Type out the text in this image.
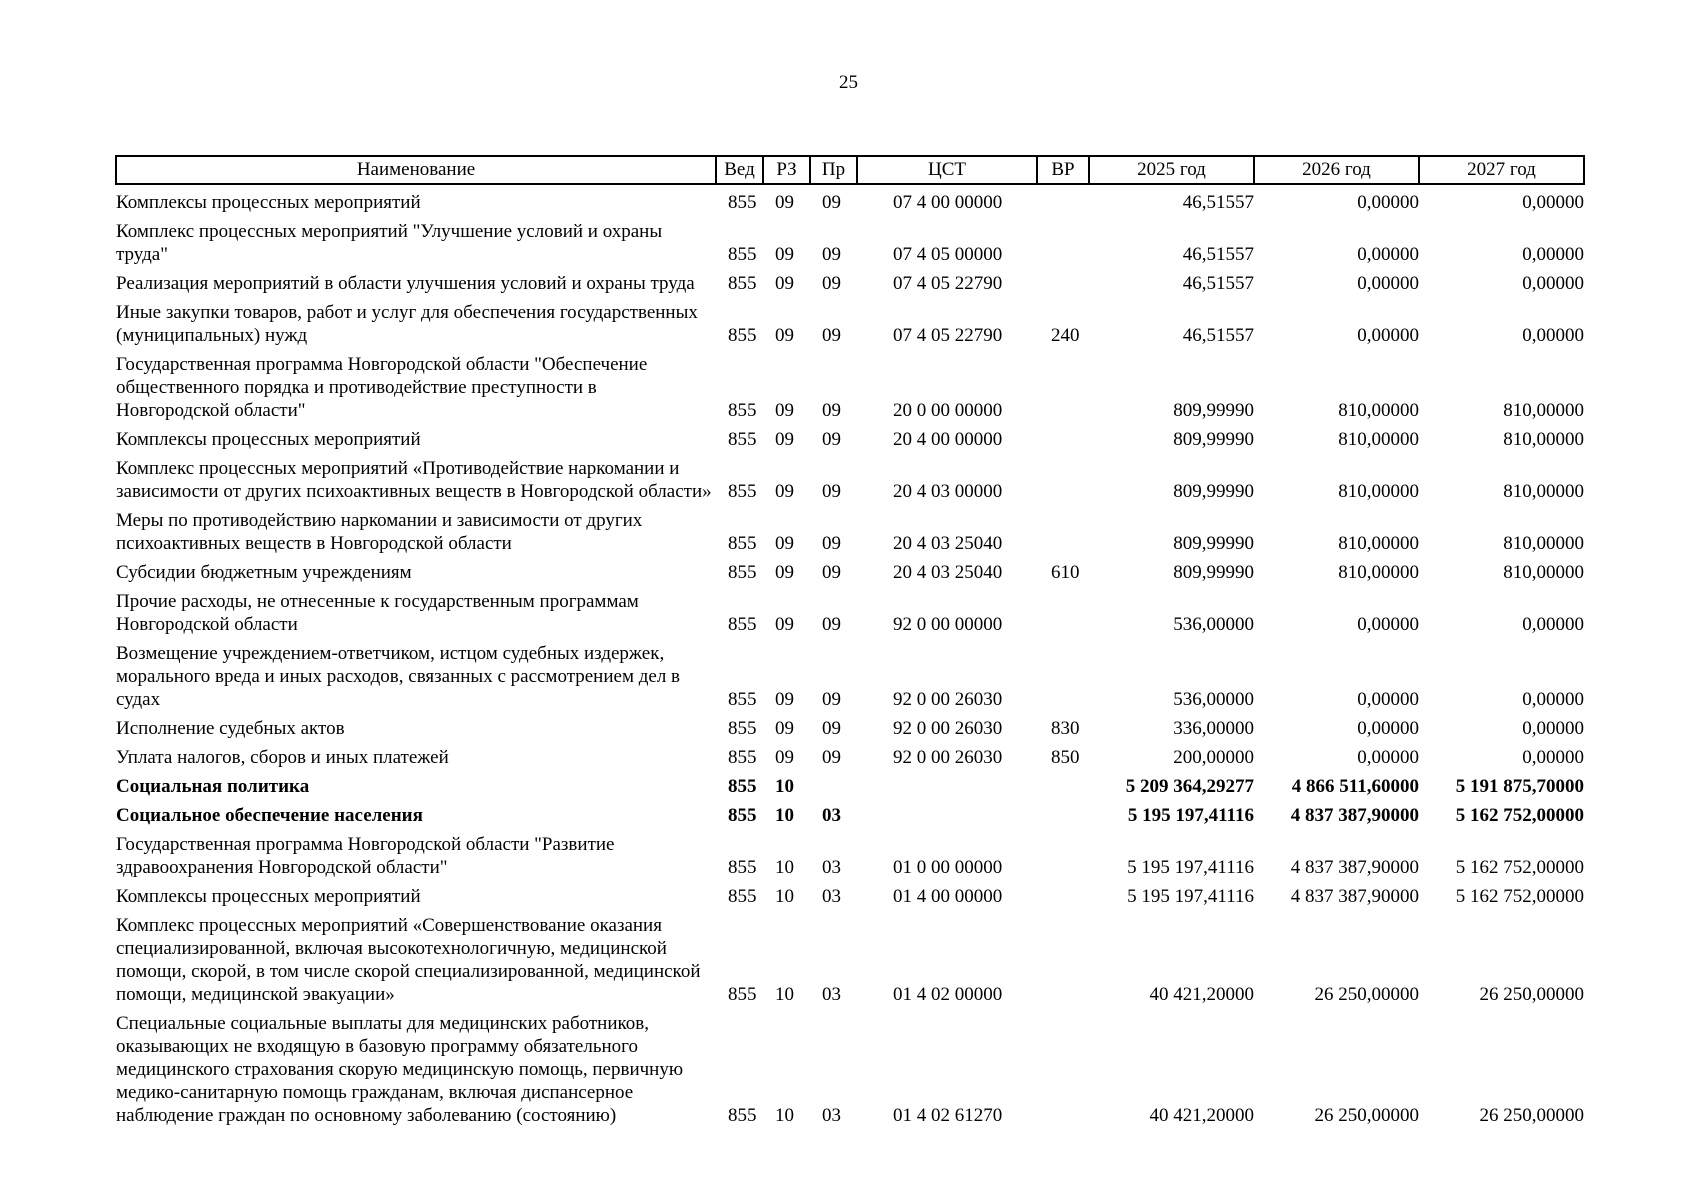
25
Наименование	Вед	РЗ	Пр	ЦСТ	ВР	2025 год	2026 год	2027 год
Комплексы процессных мероприятий	855	09	09	07 4 00 00000		46,51557	0,00000	0,00000
Комплекс процессных мероприятий "Улучшение условий и охраны труда"	855	09	09	07 4 05 00000		46,51557	0,00000	0,00000
Реализация мероприятий в области улучшения условий и охраны труда	855	09	09	07 4 05 22790		46,51557	0,00000	0,00000
Иные закупки товаров, работ и услуг для обеспечения государственных (муниципальных) нужд	855	09	09	07 4 05 22790	240	46,51557	0,00000	0,00000
Государственная программа Новгородской области "Обеспечение общественного порядка и противодействие преступности в Новгородской области"	855	09	09	20 0 00 00000		809,99990	810,00000	810,00000
Комплексы процессных мероприятий	855	09	09	20 4 00 00000		809,99990	810,00000	810,00000
Комплекс процессных мероприятий «Противодействие наркомании и зависимости от других психоактивных веществ в Новгородской области»	855	09	09	20 4 03 00000		809,99990	810,00000	810,00000
Меры по противодействию наркомании и зависимости от других психоактивных веществ в Новгородской области	855	09	09	20 4 03 25040		809,99990	810,00000	810,00000
Субсидии бюджетным учреждениям	855	09	09	20 4 03 25040	610	809,99990	810,00000	810,00000
Прочие расходы, не отнесенные к государственным программам Новгородской области	855	09	09	92 0 00 00000		536,00000	0,00000	0,00000
Возмещение учреждением-ответчиком, истцом судебных издержек, морального вреда и иных расходов, связанных с рассмотрением дел в судах	855	09	09	92 0 00 26030		536,00000	0,00000	0,00000
Исполнение судебных актов	855	09	09	92 0 00 26030	830	336,00000	0,00000	0,00000
Уплата налогов, сборов и иных платежей	855	09	09	92 0 00 26030	850	200,00000	0,00000	0,00000
Социальная политика	855	10				5 209 364,29277	4 866 511,60000	5 191 875,70000
Социальное обеспечение населения	855	10	03			5 195 197,41116	4 837 387,90000	5 162 752,00000
Государственная программа Новгородской области "Развитие здравоохранения Новгородской области"	855	10	03	01 0 00 00000		5 195 197,41116	4 837 387,90000	5 162 752,00000
Комплексы процессных мероприятий	855	10	03	01 4 00 00000		5 195 197,41116	4 837 387,90000	5 162 752,00000
Комплекс процессных мероприятий «Совершенствование оказания специализированной, включая высокотехнологичную, медицинской помощи, скорой, в том числе скорой специализированной, медицинской помощи, медицинской эвакуации»	855	10	03	01 4 02 00000		40 421,20000	26 250,00000	26 250,00000
Специальные социальные выплаты для медицинских работников, оказывающих не входящую в базовую программу обязательного медицинского страхования скорую медицинскую помощь, первичную медико-санитарную помощь гражданам, включая диспансерное наблюдение граждан по основному заболеванию (состоянию)	855	10	03	01 4 02 61270		40 421,20000	26 250,00000	26 250,00000
